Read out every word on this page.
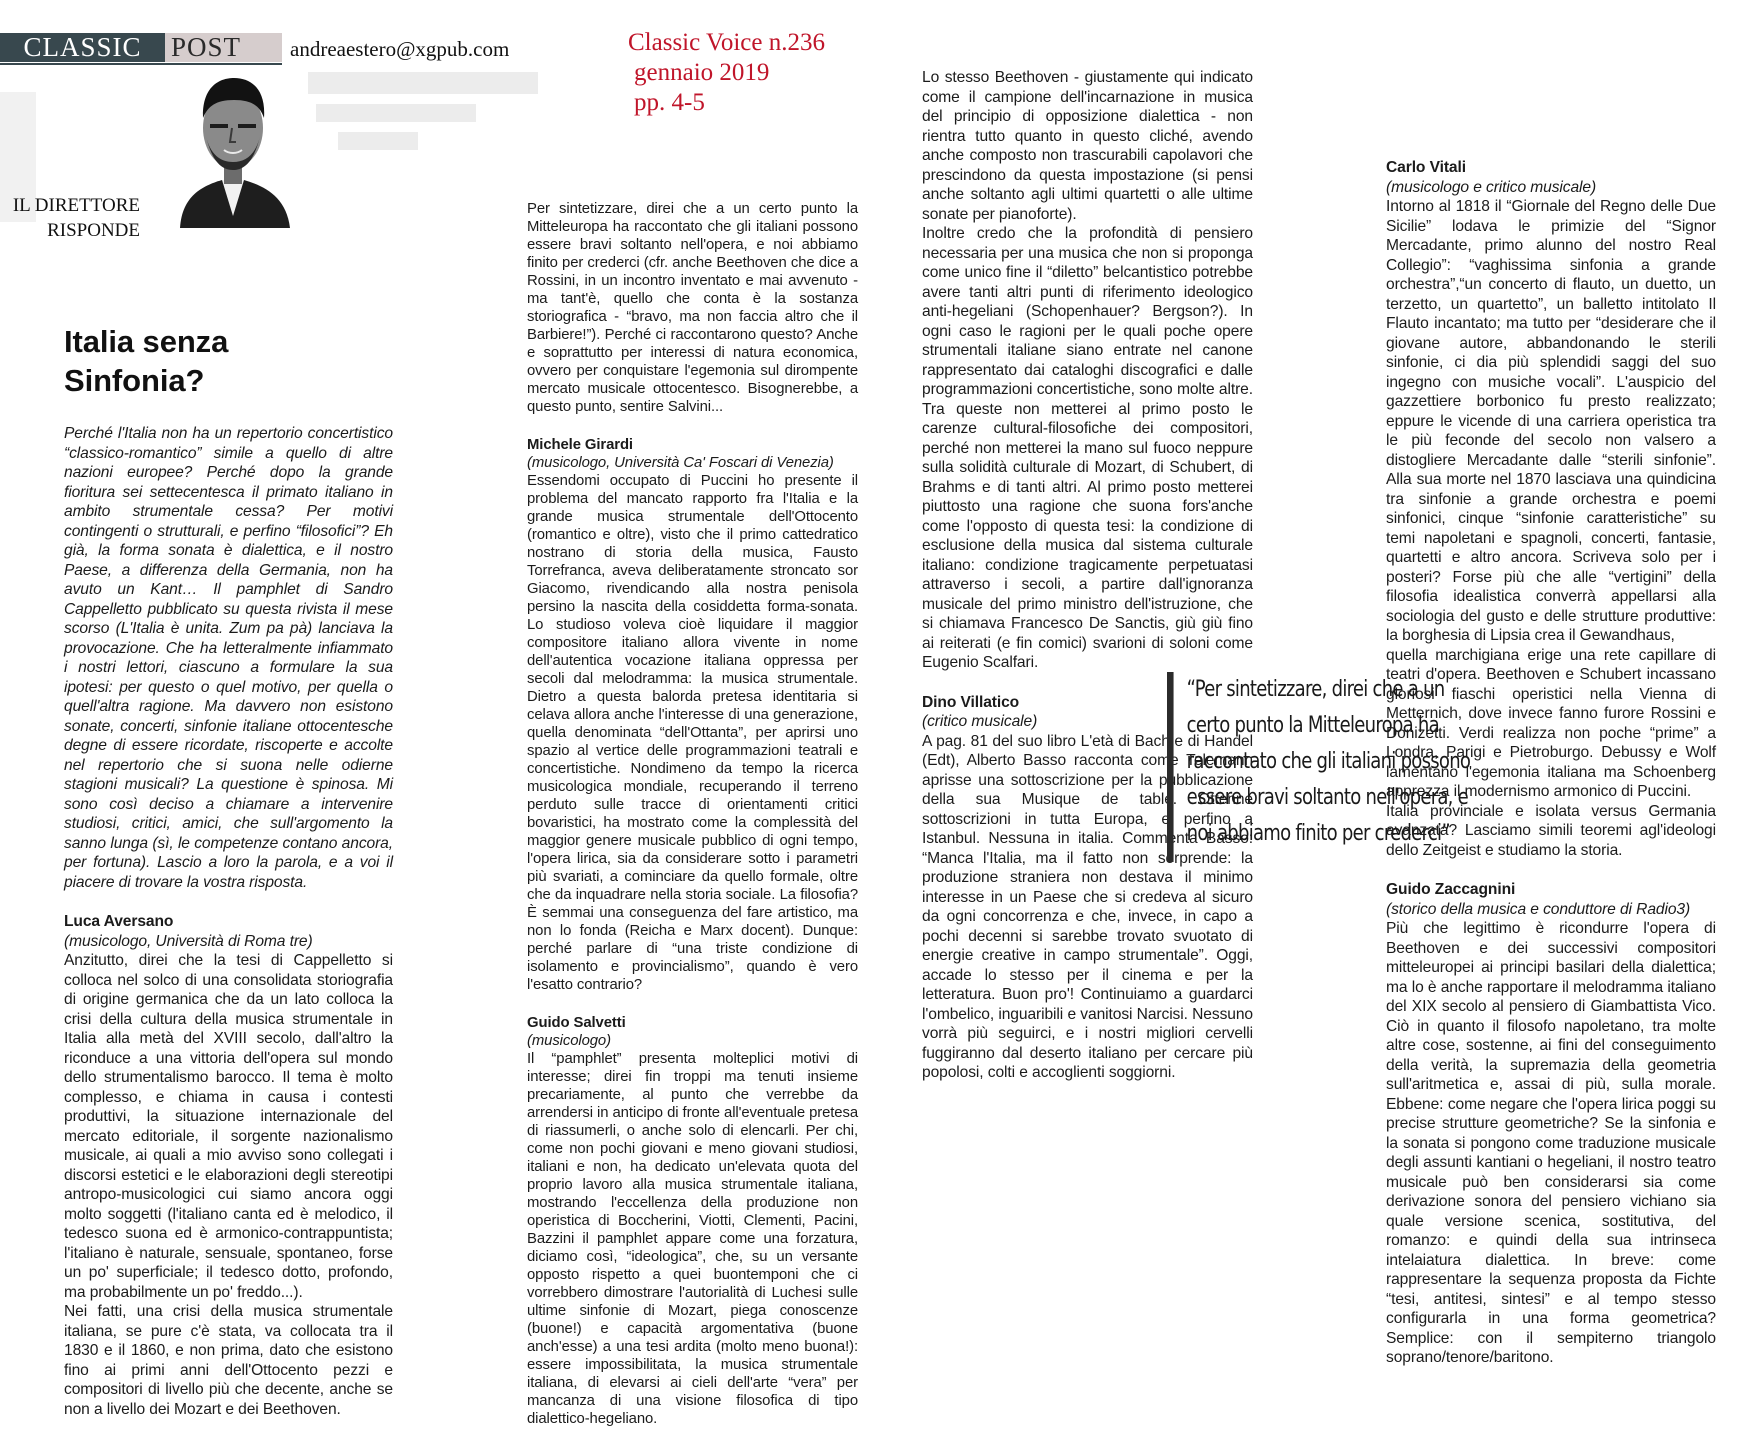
CLASSIC	POST	andreaestero@xgpub.com	Classic Voice n.236
gennaio 2019
pp. 4-5
IL DIRETTORE
RISPONDE
Italia senza
Sinfonia?

Perché l'Italia non ha un repertorio concertistico “classico-romantico” simile a quello di altre nazioni europee? Perché dopo la grande fioritura sei settecentesca il primato italiano in ambito strumentale cessa? Per motivi contingenti o strutturali, e perfino “filosofici”? Eh già, la forma sonata è dialettica, e il nostro Paese, a differenza della Germania, non ha avuto un Kant… Il pamphlet di Sandro Cappelletto pubblicato su questa rivista il mese scorso (L'Italia è unita. Zum pa pà) lanciava la provocazione. Che ha letteralmente infiammato i nostri lettori, ciascuno a formulare la sua ipotesi: per questo o quel motivo, per quella o quell'altra ragione. Ma davvero non esistono sonate, concerti, sinfonie italiane ottocentesche degne di essere ricordate, riscoperte e accolte nel repertorio che si suona nelle odierne stagioni musicali? La questione è spinosa. Mi sono così deciso a chiamare a intervenire studiosi, critici, amici, che sull'argomento la sanno lunga (sì, le competenze contano ancora, per fortuna). Lascio a loro la parola, e a voi il piacere di trovare la vostra risposta.

Luca Aversano

(musicologo, Università di Roma tre)

Anzitutto, direi che la tesi di Cappelletto si colloca nel solco di una consolidata storiografia di origine germanica che da un lato colloca la crisi della cultura della musica strumentale in Italia alla metà del XVIII secolo, dall'altro la riconduce a una vittoria dell'opera sul mondo dello strumentalismo barocco. Il tema è molto complesso, e chiama in causa i contesti produttivi, la situazione internazionale del mercato editoriale, il sorgente nazionalismo musicale, ai quali a mio avviso sono collegati i discorsi estetici e le elaborazioni degli stereotipi antropo-musicologici cui siamo ancora oggi molto soggetti (l'italiano canta ed è melodico, il tedesco suona ed è armonico-contrappuntista; l'italiano è naturale, sensuale, spontaneo, forse un po' superficiale; il tedesco dotto, profondo, ma probabilmente un po' freddo...).

Nei fatti, una crisi della musica strumentale italiana, se pure c'è stata, va collocata tra il 1830 e il 1860, e non prima, dato che esistono fino ai primi anni dell'Ottocento pezzi e compositori di livello più che decente, anche se non a livello dei Mozart e dei Beethoven.

Per sintetizzare, direi che a un certo punto la Mitteleuropa ha raccontato che gli italiani possono essere bravi soltanto nell'opera, e noi abbiamo finito per crederci (cfr. anche Beethoven che dice a Rossini, in un incontro inventato e mai avvenuto - ma tant'è, quello che conta è la sostanza storiografica - “bravo, ma non faccia altro che il Barbiere!”). Perché ci raccontarono questo? Anche e soprattutto per interessi di natura economica, ovvero per conquistare l'egemonia sul dirompente mercato musicale ottocentesco. Bisognerebbe, a questo punto, sentire Salvini...

Michele Girardi

(musicologo, Università Ca' Foscari di Venezia)

Essendomi occupato di Puccini ho presente il problema del mancato rapporto fra l'Italia e la grande musica strumentale dell'Ottocento (romantico e oltre), visto che il primo cattedratico nostrano di storia della musica, Fausto Torrefranca, aveva deliberatamente stroncato sor Giacomo, rivendicando alla nostra penisola persino la nascita della cosiddetta forma-sonata. Lo studioso voleva cioè liquidare il maggior compositore italiano allora vivente in nome dell'autentica vocazione italiana oppressa per secoli dal melodramma: la musica strumentale. Dietro a questa balorda pretesa identitaria si celava allora anche l'interesse di una generazione, quella denominata “dell'Ottanta”, per aprirsi uno spazio al vertice delle programmazioni teatrali e concertistiche. Nondimeno da tempo la ricerca musicologica mondiale, recuperando il terreno perduto sulle tracce di orientamenti critici bovaristici, ha mostrato come la complessità del maggior genere musicale pubblico di ogni tempo, l'opera lirica, sia da considerare sotto i parametri più svariati, a cominciare da quello formale, oltre che da inquadrare nella storia sociale. La filosofia? È semmai una conseguenza del fare artistico, ma non lo fonda (Reicha e Marx docent). Dunque: perché parlare di “una triste condizione di isolamento e provincialismo”, quando è vero l'esatto contrario?

Guido Salvetti

(musicologo)

Il “pamphlet” presenta molteplici motivi di interesse; direi fin troppi ma tenuti insieme precariamente, al punto che verrebbe da arrendersi in anticipo di fronte all'eventuale pretesa di riassumerli, o anche solo di elencarli. Per chi, come non pochi giovani e meno giovani studiosi, italiani e non, ha dedicato un'elevata quota del proprio lavoro alla musica strumentale italiana, mostrando l'eccellenza della produzione non operistica di Boccherini, Viotti, Clementi, Pacini, Bazzini il pamphlet appare come una forzatura, diciamo così, “ideologica”, che, su un versante opposto rispetto a quei buontemponi che ci vorrebbero dimostrare l'autorialità di Luchesi sulle ultime sinfonie di Mozart, piega conoscenze (buone!) e capacità argomentativa (buone anch'esse) a una tesi ardita (molto meno buona!): essere impossibilitata, la musica strumentale italiana, di elevarsi ai cieli dell'arte “vera” per mancanza di una visione filosofica di tipo dialettico-hegeliano.

Lo stesso Beethoven - giustamente qui indicato come il campione dell'incarnazione in musica del principio di opposizione dialettica - non rientra tutto quanto in questo cliché, avendo anche composto non trascurabili capolavori che prescindono da questa impostazione (si pensi anche soltanto agli ultimi quartetti o alle ultime sonate per pianoforte).

Inoltre credo che la profondità di pensiero necessaria per una musica che non si proponga come unico fine il “diletto” belcantistico potrebbe avere tanti altri punti di riferimento ideologico anti-hegeliani (Schopenhauer? Bergson?). In ogni caso le ragioni per le quali poche opere strumentali italiane siano entrate nel canone rappresentato dai cataloghi discografici e dalle programmazioni concertistiche, sono molte altre. Tra queste non metterei al primo posto le carenze cultural-filosofiche dei compositori, perché non metterei la mano sul fuoco neppure sulla solidità culturale di Mozart, di Schubert, di Brahms e di tanti altri. Al primo posto metterei piuttosto una ragione che suona fors'anche come l'opposto di questa tesi: la condizione di esclusione della musica dal sistema culturale italiano: condizione tragicamente perpetuatasi attraverso i secoli, a partire dall'ignoranza musicale del primo ministro dell'istruzione, che si chiamava Francesco De Sanctis, giù giù fino ai reiterati (e fin comici) svarioni di soloni come Eugenio Scalfari.

Dino Villatico

(critico musicale)

A pag. 81 del suo libro L'età di Bach e di Handel (Edt), Alberto Basso racconta come Telemann aprisse una sottoscrizione per la pubblicazione della sua Musique de table. Ottenne sottoscrizioni in tutta Europa, e perfino a Istanbul. Nessuna in italia. Commenta Basso: “Manca l'Italia, ma il fatto non sorprende: la produzione straniera non destava il minimo interesse in un Paese che si credeva al sicuro da ogni concorrenza e che, invece, in capo a pochi decenni si sarebbe trovato svuotato di energie creative in campo strumentale”. Oggi, accade lo stesso per il cinema e per la letteratura. Buon pro'! Continuiamo a guardarci l'ombelico, inguaribili e vanitosi Narcisi. Nessuno vorrà più seguirci, e i nostri migliori cervelli fuggiranno dal deserto italiano per cercare più popolosi, colti e accoglienti soggiorni.

“Per sintetizzare, direi che a un certo punto la Mitteleuropa ha raccontato che gli italiani possono essere bravi soltanto nell'opera, e noi abbiamo finito per crederci”

Carlo Vitali

(musicologo e critico musicale)

Intorno al 1818 il “Giornale del Regno delle Due Sicilie” lodava le primizie del “Signor Mercadante, primo alunno del nostro Real Collegio”: “vaghissima sinfonia a grande orchestra”,“un concerto di flauto, un duetto, un terzetto, un quartetto”, un balletto intitolato Il Flauto incantato; ma tutto per “desiderare che il giovane autore, abbandonando le sterili sinfonie, ci dia più splendidi saggi del suo ingegno con musiche vocali”. L'auspicio del gazzettiere borbonico fu presto realizzato; eppure le vicende di una carriera operistica tra le più feconde del secolo non valsero a distogliere Mercadante dalle “sterili sinfonie”. Alla sua morte nel 1870 lasciava una quindicina tra sinfonie a grande orchestra e poemi sinfonici, cinque “sinfonie caratteristiche” su temi napoletani e spagnoli, concerti, fantasie, quartetti e altro ancora. Scriveva solo per i posteri? Forse più che alle “vertigini” della filosofia idealistica converrà appellarsi alla sociologia del gusto e delle strutture produttive: la borghesia di Lipsia crea il Gewandhaus,

quella marchigiana erige una rete capillare di teatri d'opera. Beethoven e Schubert incassano gloriosi fiaschi operistici nella Vienna di Metternich, dove invece fanno furore Rossini e Donizetti. Verdi realizza non poche “prime” a Londra, Parigi e Pietroburgo. Debussy e Wolf lamentano l'egemonia italiana ma Schoenberg apprezza il modernismo armonico di Puccini.

Italia provinciale e isolata versus Germania avanzata? Lasciamo simili teoremi agl'ideologi dello Zeitgeist e studiamo la storia.

Guido Zaccagnini

(storico della musica e conduttore di Radio3)

Più che legittimo è ricondurre l'opera di Beethoven e dei successivi compositori mitteleuropei ai principi basilari della dialettica; ma lo è anche rapportare il melodramma italiano del XIX secolo al pensiero di Giambattista Vico. Ciò in quanto il filosofo napoletano, tra molte altre cose, sostenne, ai fini del conseguimento della verità, la supremazia della geometria sull'aritmetica e, assai di più, sulla morale. Ebbene: come negare che l'opera lirica poggi su precise strutture geometriche? Se la sinfonia e la sonata si pongono come traduzione musicale degli assunti kantiani o hegeliani, il nostro teatro musicale può ben considerarsi sia come derivazione sonora del pensiero vichiano sia quale versione scenica, sostitutiva, del romanzo: e quindi della sua intrinseca intelaiatura dialettica. In breve: come rappresentare la sequenza proposta da Fichte “tesi, antitesi, sintesi” e al tempo stesso configurarla in una forma geometrica? Semplice: con il sempiterno triangolo soprano/tenore/baritono.
